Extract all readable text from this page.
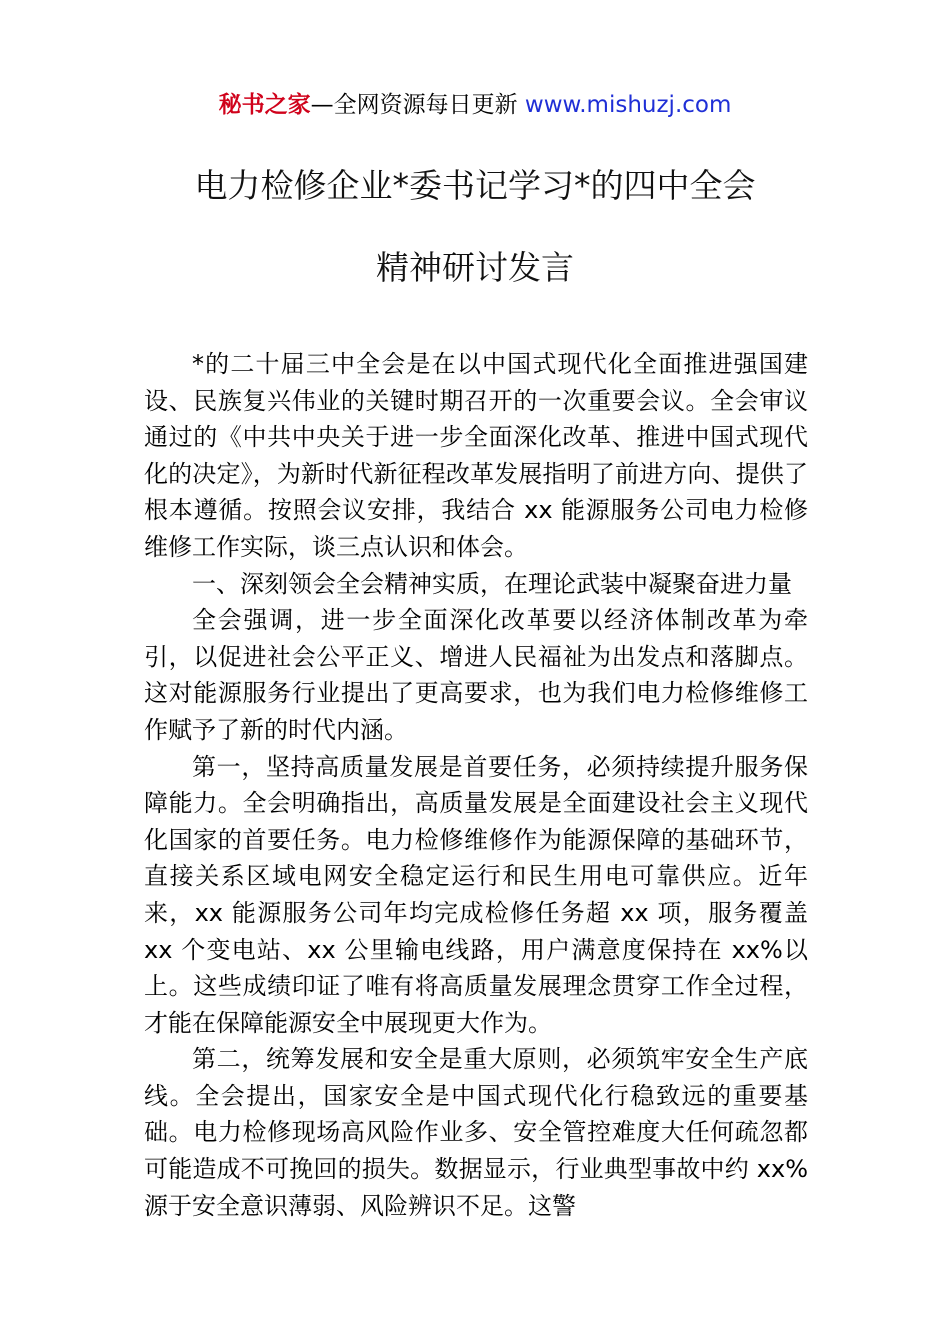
秘书之家—全网资源每日更新 www.mishuzj.com
电力检修企业*委书记学习*的四中全会
精神研讨发言

*的二十届三中全会是在以中国式现代化全面推进强国建设、民族复兴伟业的关键时期召开的一次重要会议。全会审议通过的《中共中央关于进一步全面深化改革、推进中国式现代化的决定》，为新时代新征程改革发展指明了前进方向、提供了根本遵循。按照会议安排，我结合 xx 能源服务公司电力检修维修工作实际，谈三点认识和体会。

一、深刻领会全会精神实质，在理论武装中凝聚奋进力量

全会强调，进一步全面深化改革要以经济体制改革为牵引，以促进社会公平正义、增进人民福祉为出发点和落脚点。这对能源服务行业提出了更高要求，也为我们电力检修维修工作赋予了新的时代内涵。

第一，坚持高质量发展是首要任务，必须持续提升服务保障能力。全会明确指出，高质量发展是全面建设社会主义现代化国家的首要任务。电力检修维修作为能源保障的基础环节，直接关系区域电网安全稳定运行和民生用电可靠供应。近年来，xx 能源服务公司年均完成检修任务超 xx 项，服务覆盖 xx 个变电站、xx 公里输电线路，用户满意度保持在 xx%以上。这些成绩印证了唯有将高质量发展理念贯穿工作全过程，才能在保障能源安全中展现更大作为。

第二，统筹发展和安全是重大原则，必须筑牢安全生产底线。全会提出，国家安全是中国式现代化行稳致远的重要基础。电力检修现场高风险作业多、安全管控难度大任何疏忽都可能造成不可挽回的损失。数据显示，行业典型事故中约 xx%源于安全意识薄弱、风险辨识不足。这警
